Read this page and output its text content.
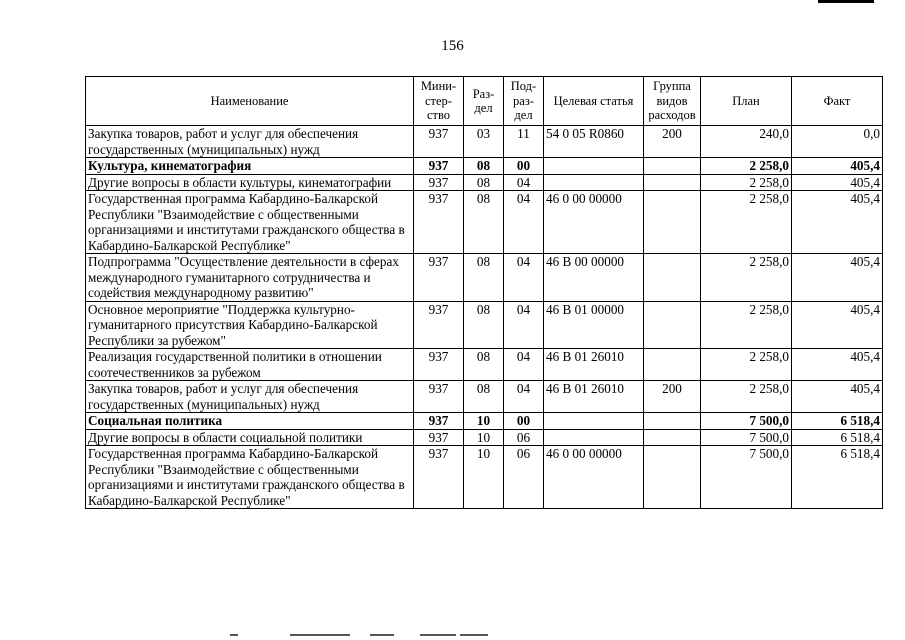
156
Наименование	Мини-стер-ство	Раз-дел	Под-раз-дел	Целевая статья	Группа видов расходов	План	Факт
Закупка товаров, работ и услуг для обеспечения государственных (муниципальных) нужд	937	03	11	54 0 05 R0860	200	240,0	0,0
Культура, кинематография	937	08	00			2 258,0	405,4
Другие вопросы в области культуры, кинематографии	937	08	04			2 258,0	405,4
Государственная программа Кабардино-Балкарской Республики "Взаимодействие с общественными организациями и институтами гражданского общества в Кабардино-Балкарской Республике"	937	08	04	46 0 00 00000		2 258,0	405,4
Подпрограмма "Осуществление деятельности в сферах международного гуманитарного сотрудничества и содействия международному развитию"	937	08	04	46 В 00 00000		2 258,0	405,4
Основное мероприятие "Поддержка культурно-гуманитарного присутствия Кабардино-Балкарской Республики за рубежом"	937	08	04	46 В 01 00000		2 258,0	405,4
Реализация государственной политики в отношении соотечественников за рубежом	937	08	04	46 В 01 26010		2 258,0	405,4
Закупка товаров, работ и услуг для обеспечения государственных (муниципальных) нужд	937	08	04	46 В 01 26010	200	2 258,0	405,4
Социальная политика	937	10	00			7 500,0	6 518,4
Другие вопросы в области социальной политики	937	10	06			7 500,0	6 518,4
Государственная программа Кабардино-Балкарской Республики "Взаимодействие с общественными организациями и институтами гражданского общества в Кабардино-Балкарской Республике"	937	10	06	46 0 00 00000		7 500,0	6 518,4
